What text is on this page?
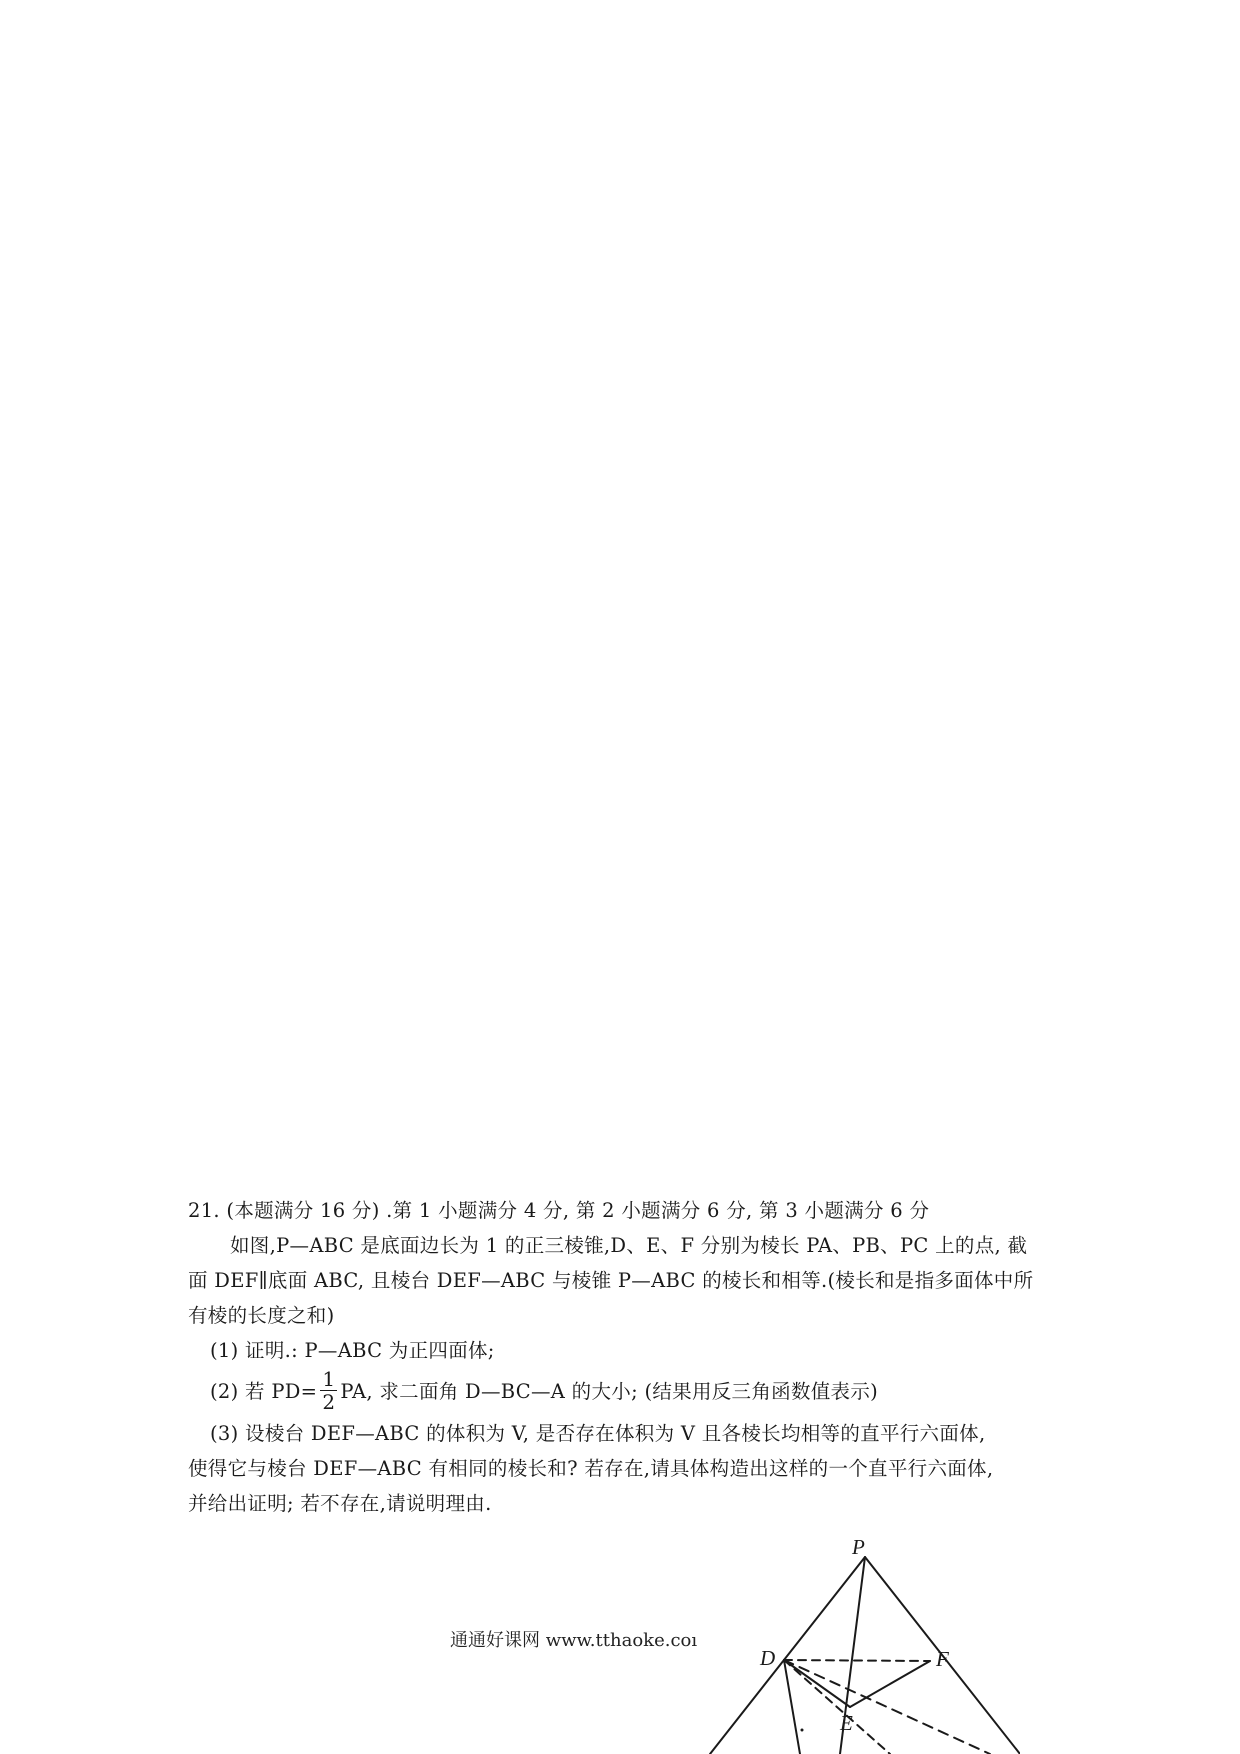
21. (本题满分 16 分) .第 1 小题满分 4 分, 第 2 小题满分 6 分, 第 3 小题满分 6 分
如图,P—ABC 是底面边长为 1 的正三棱锥,D、E、F 分别为棱长 PA、PB、PC 上的点, 截
面 DEF∥底面 ABC, 且棱台 DEF—ABC 与棱锥 P—ABC 的棱长和相等.(棱长和是指多面体中所
有棱的长度之和)
(1) 证明.: P—ABC 为正四面体;
(2) 若 $PD= \frac{1}{2}$ PA, 求二面角 D—BC—A 的大小; (结果用反三角函数值表示)
(3) 设棱台 DEF—ABC 的体积为 V, 是否存在体积为 V 且各棱长均相等的直平行六面体,
使得它与棱台 DEF—ABC 有相同的棱长和? 若存在,请具体构造出这样的一个直平行六面体,
并给出证明; 若不存在,请说明理由.
通通好课网 www.tthaoke.coı
P
D	F
E
